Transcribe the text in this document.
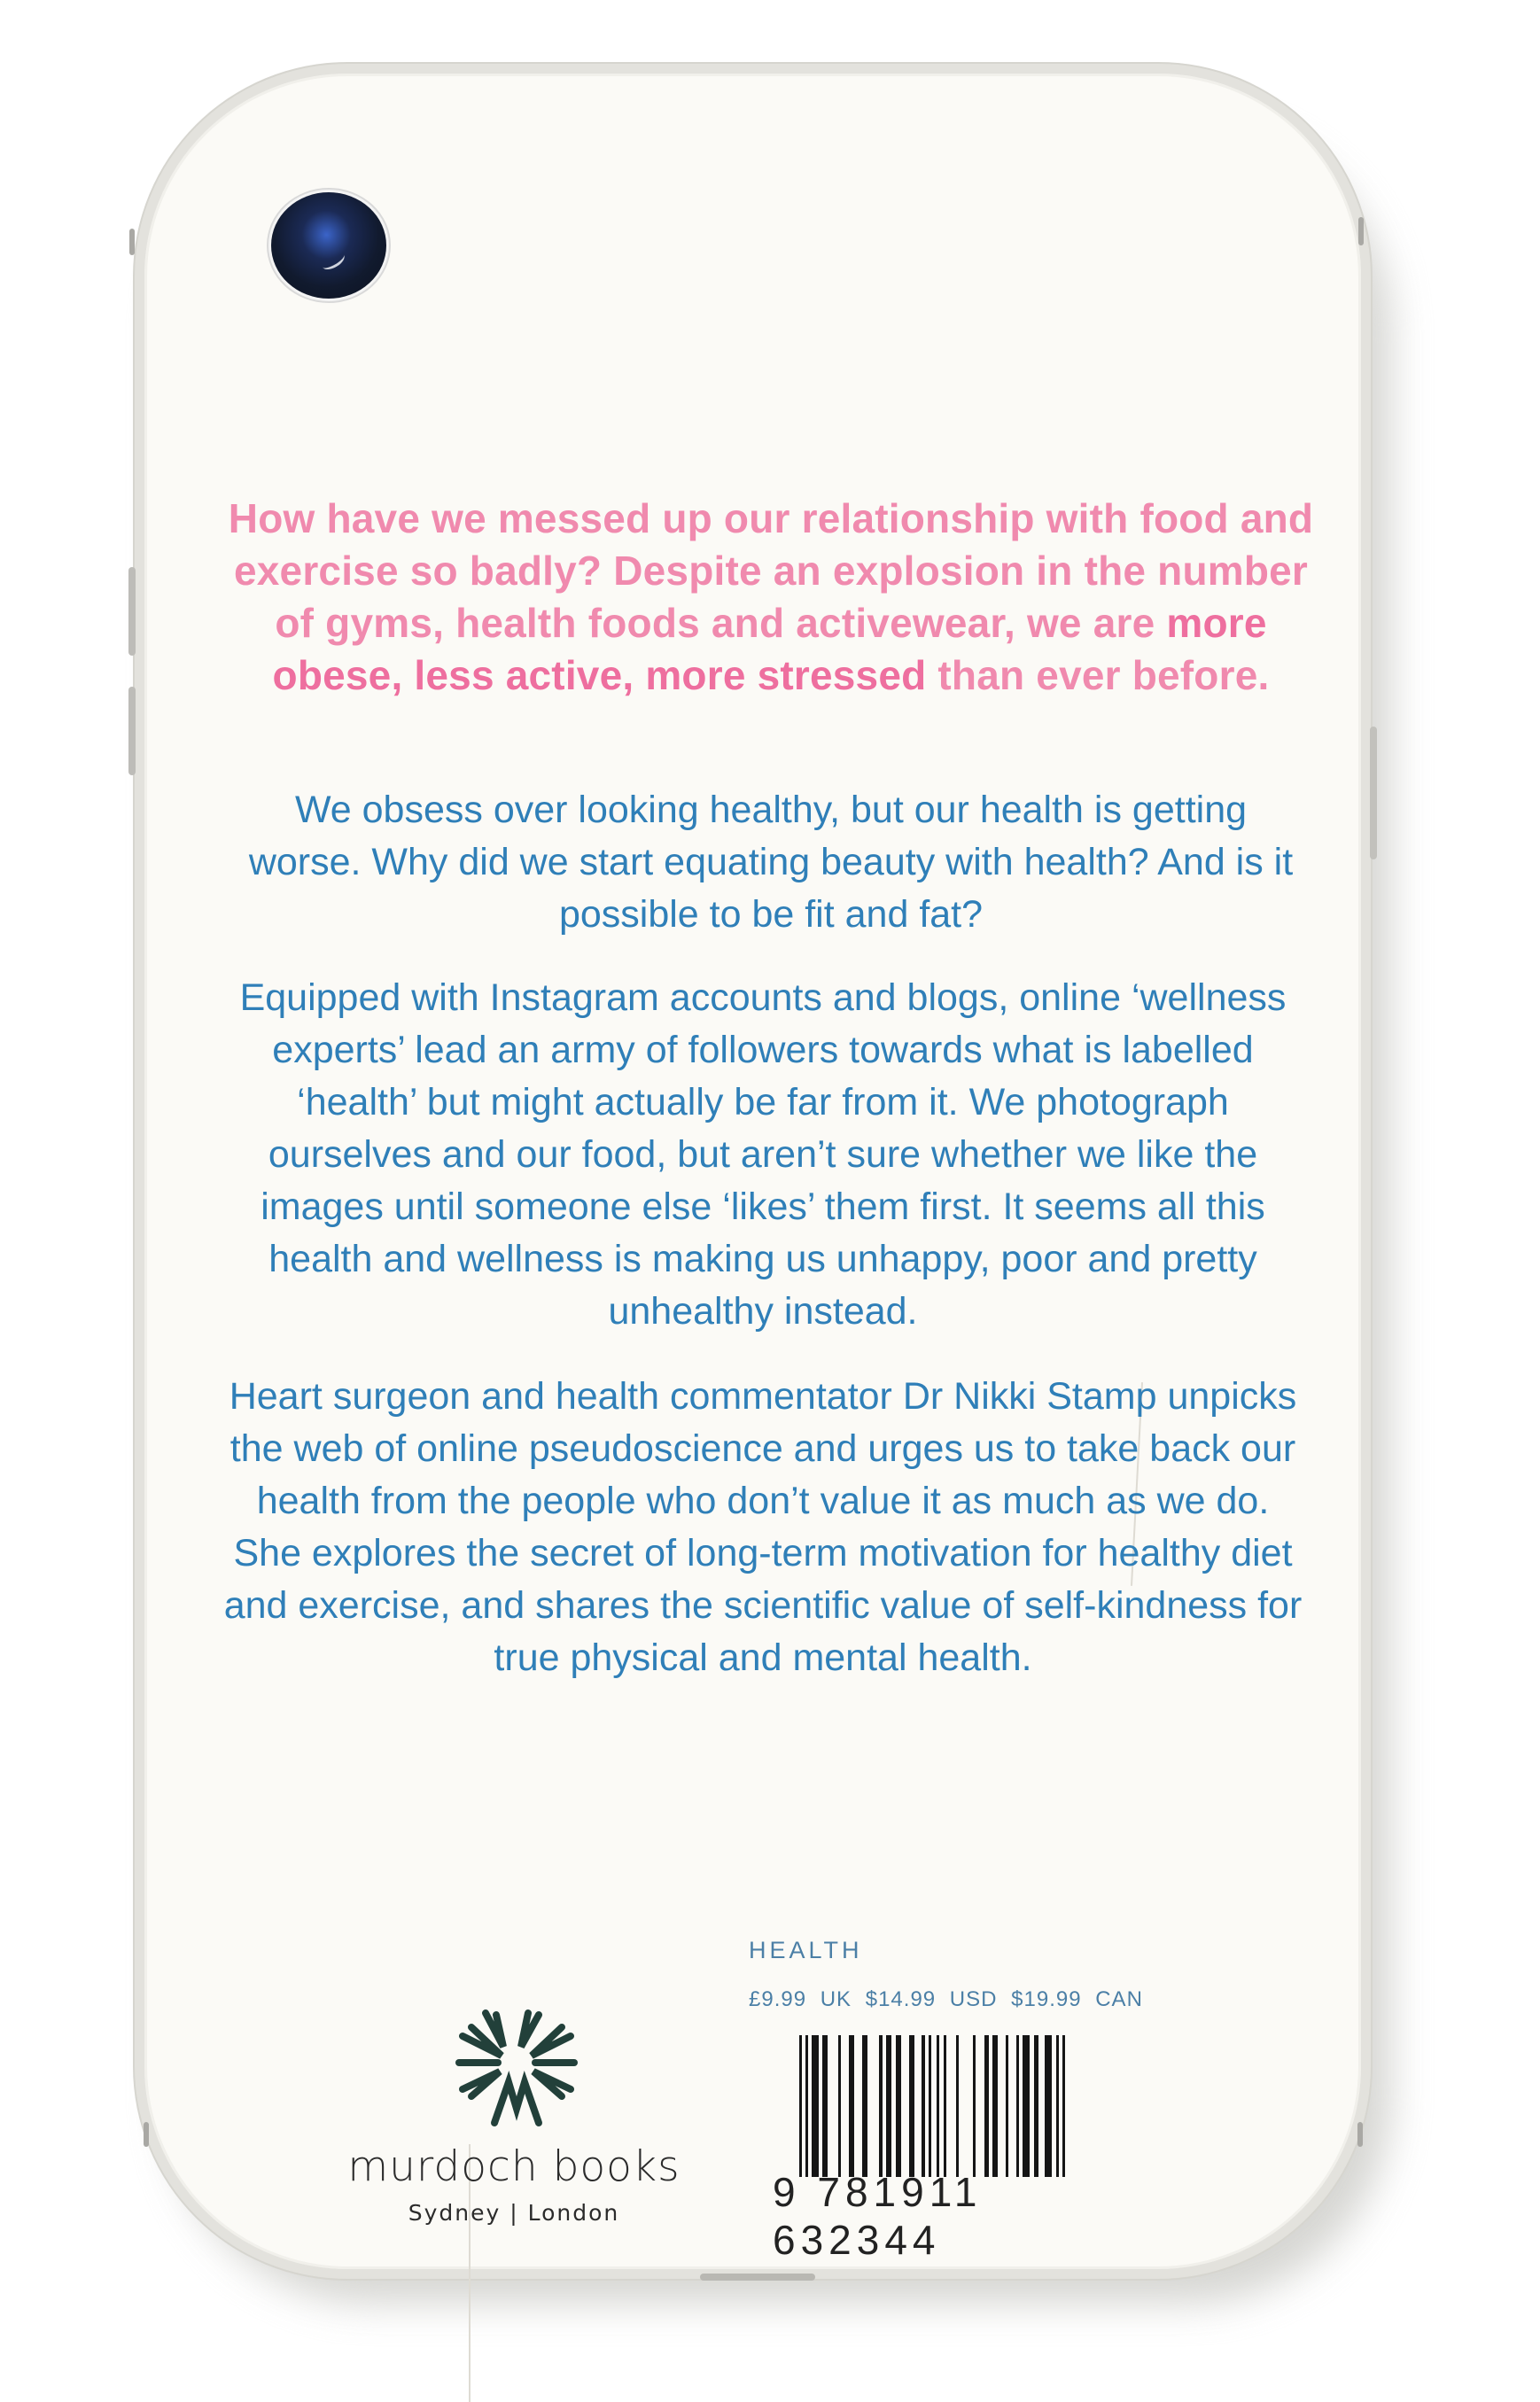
How have we messed up our relationship with food and exercise so badly? Despite an explosion in the number of gyms, health foods and activewear, we are more obese, less active, more stressed than ever before.
We obsess over looking healthy, but our health is getting worse. Why did we start equating beauty with health? And is it possible to be fit and fat?
Equipped with Instagram accounts and blogs, online ‘wellness experts’ lead an army of followers towards what is labelled ‘health’ but might actually be far from it. We photograph ourselves and our food, but aren’t sure whether we like the images until someone else ‘likes’ them first. It seems all this health and wellness is making us unhappy, poor and pretty unhealthy instead.
Heart surgeon and health commentator Dr Nikki Stamp unpicks the web of online pseudoscience and urges us to take back our health from the people who don’t value it as much as we do. She explores the secret of long-term motivation for healthy diet and exercise, and shares the scientific value of self-kindness for true physical and mental health.
HEALTH
£9.99 UK $14.99 USD $19.99 CAN
9 781911 632344
murdoch books
Sydney | London
